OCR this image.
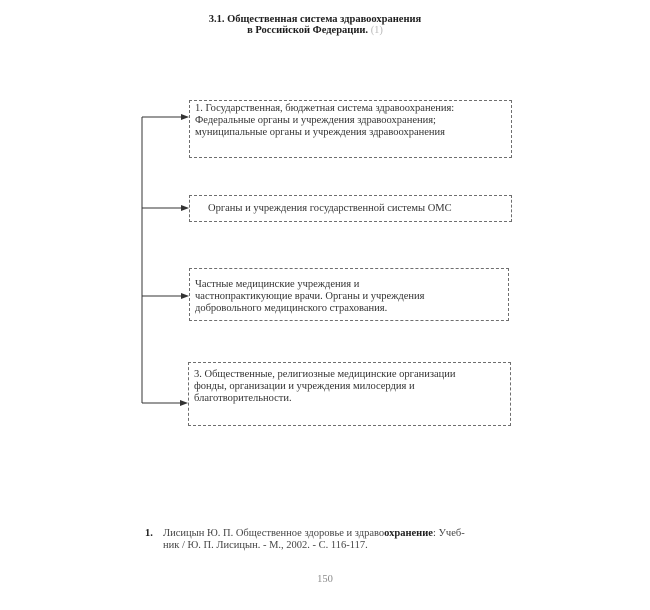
3.1. Общественная система здравоохранения
в Российской Федерации. (1)
1. Государственная, бюджетная система здравоохранения:
Федеральные органы и учреждения здравоохранения;
муниципальные органы и учреждения здравоохранения
Органы и учреждения государственной системы ОМС
Частные медицинские учреждения и
частнопрактикующие врачи. Органы и учреждения
добровольного медицинского страхования.
3. Общественные, религиозные медицинские организации
фонды, организации и учреждения милосердия и
благотворительности.
1. Лисицын Ю. П. Общественное здоровье и здравоохранение: Учеб-
ник / Ю. П. Лисицын. - М., 2002. - С. 116-117.
150
